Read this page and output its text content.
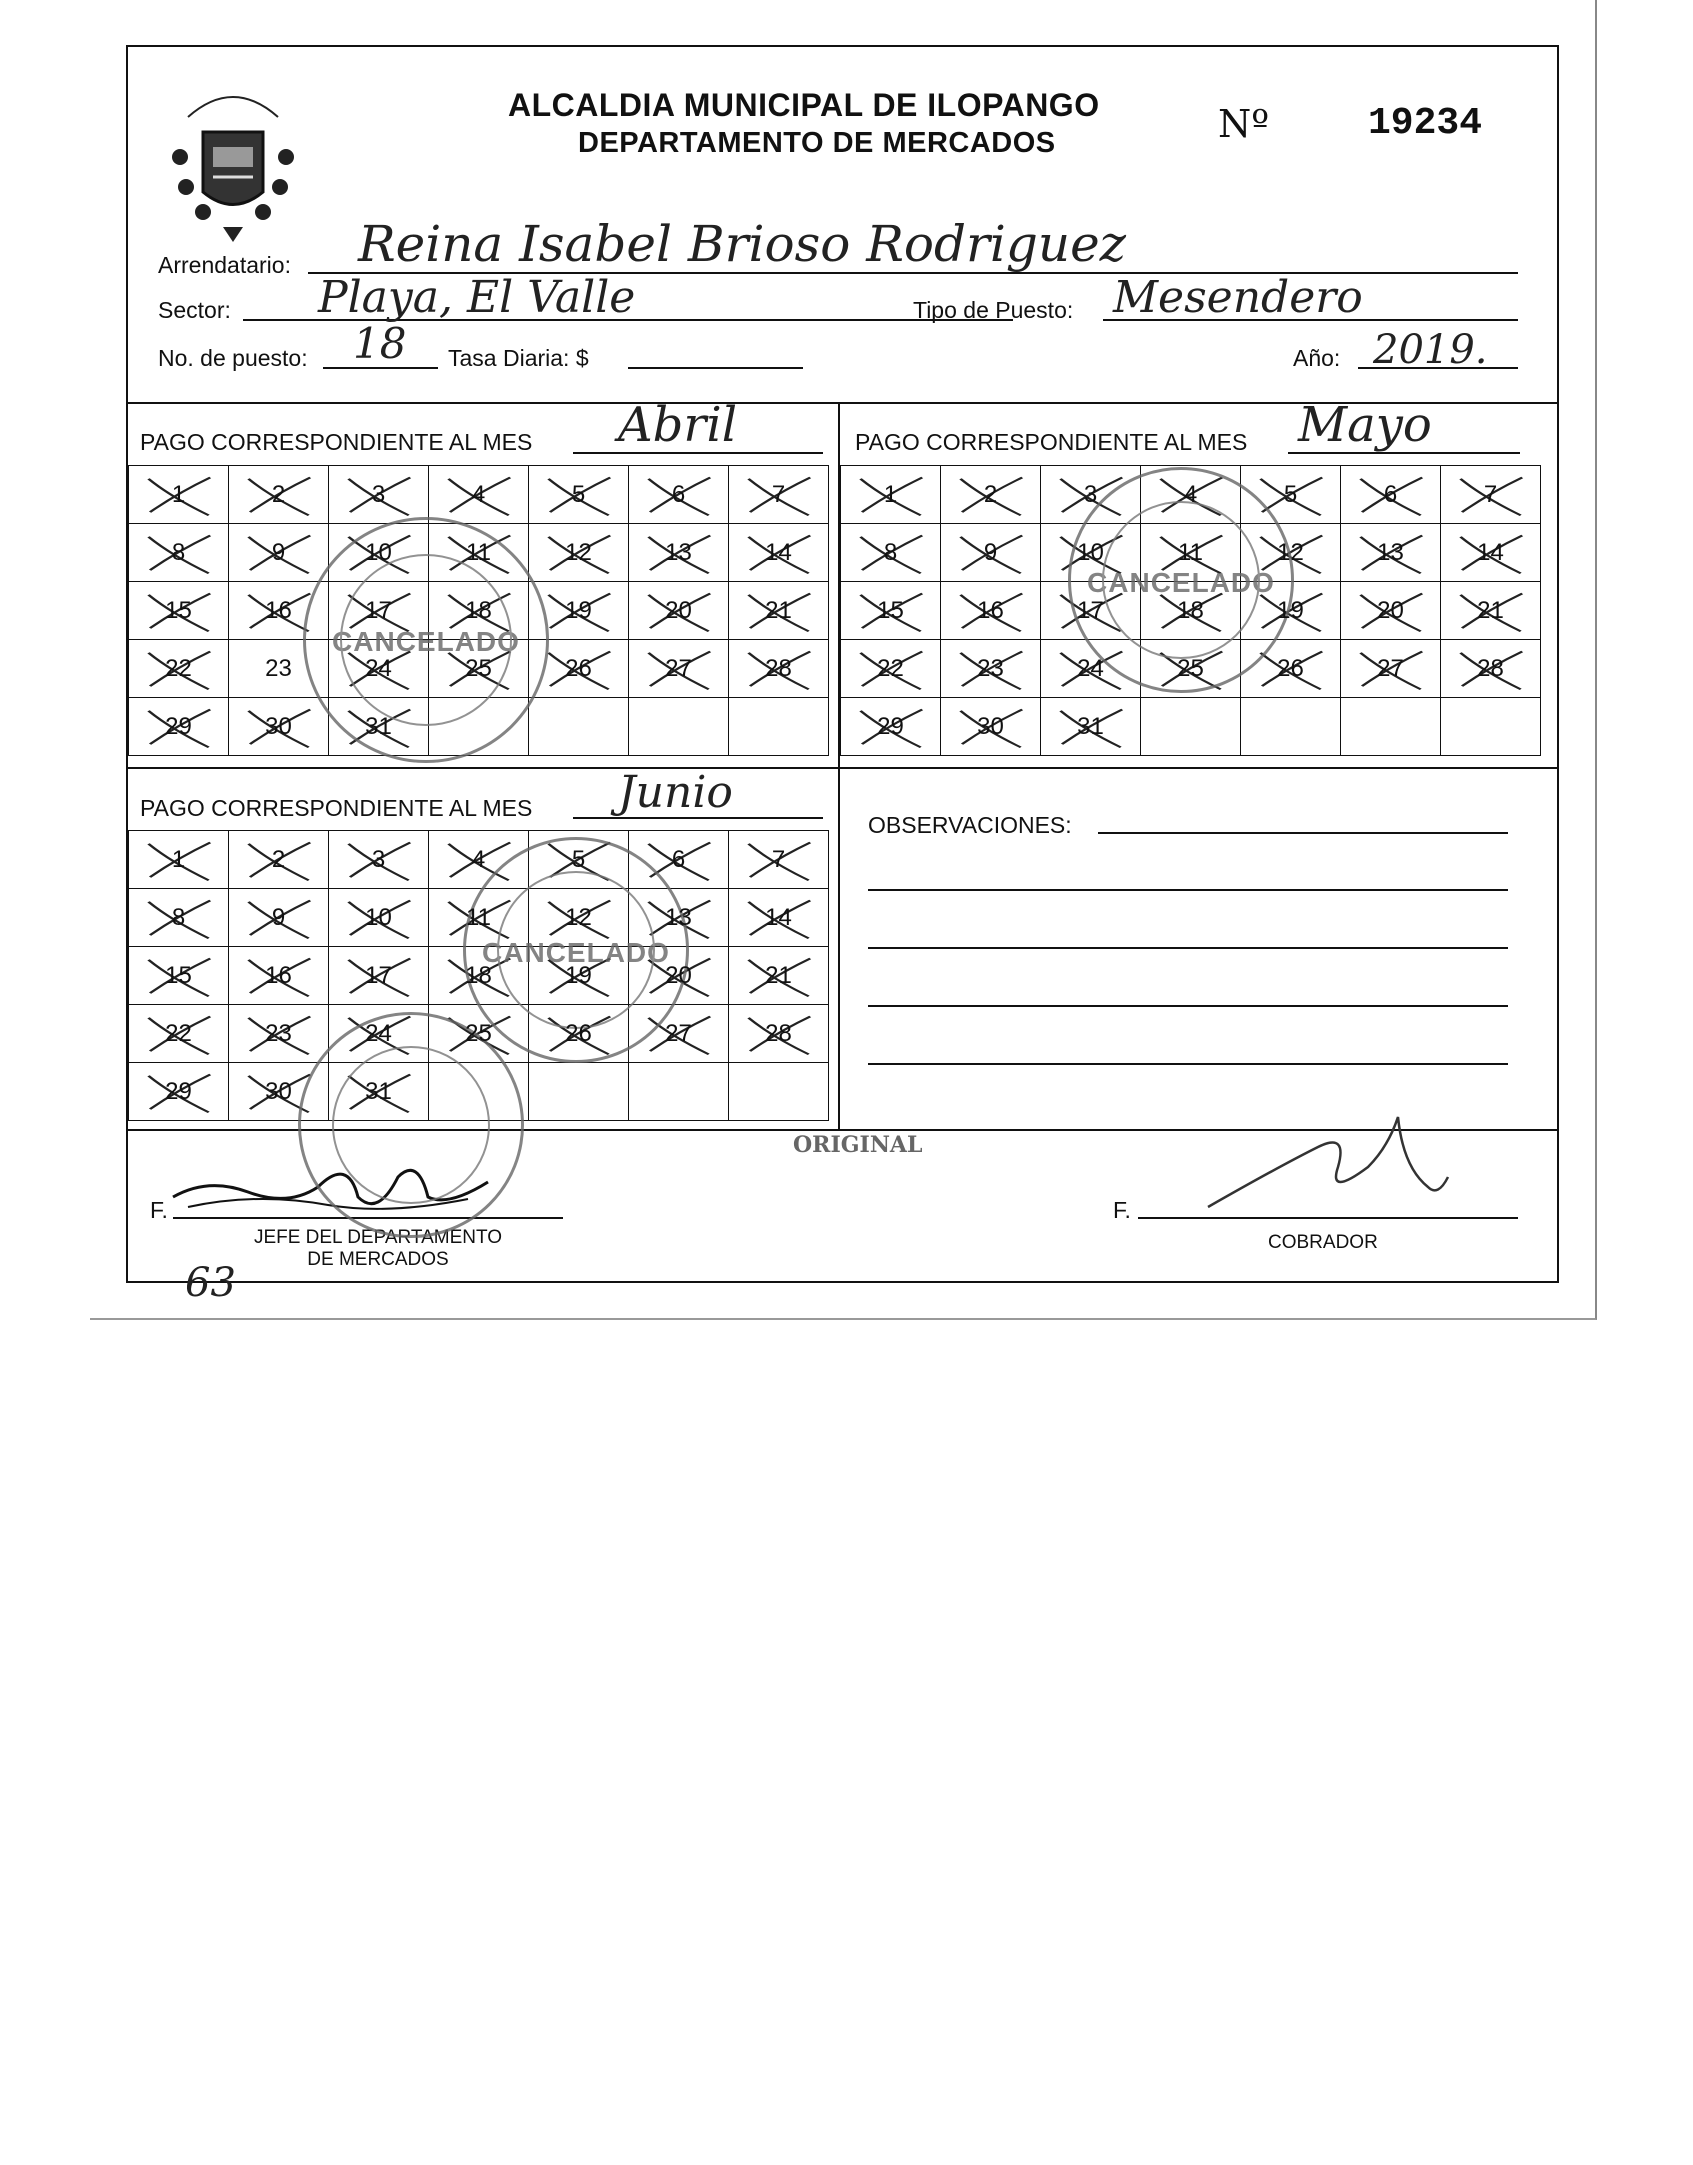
ALCALDIA MUNICIPAL DE ILOPANGO
DEPARTAMENTO DE MERCADOS	Nº	19234
Arrendatario: Reina Isabel Brioso Rodriguez
Sector: Playa, El Valle	Tipo de Puesto: Mesendero
No. de puesto: 18 Tasa Diaria: $	Año: 2019.
PAGO CORRESPONDIENTE AL MES Abril	PAGO CORRESPONDIENTE AL MES Mayo
1	2	3	4	5	6	7

8	9	10	11	12	13	14

15	16	17	18	19	20	21

22	23	24	25	26	27	28

29	30	31

1	2	3	4	5	6	7

8	9	10	11	12	13	14

15	16	17	18	19	20	21

22	23	24	25	26	27	28

29	30	31

PAGO CORRESPONDIENTE AL MES Junio
1	2	3	4	5	6	7

8	9	10	11	12	13	14

15	16	17	18	19	20	21

22	23	24	25	26	27	28

29	30	31

OBSERVACIONES:
ORIGINAL
F.
JEFE DEL DEPARTAMENTO
DE MERCADOS
F.
COBRADOR
CANCELADO
CANCELADO
CANCELADO
63
